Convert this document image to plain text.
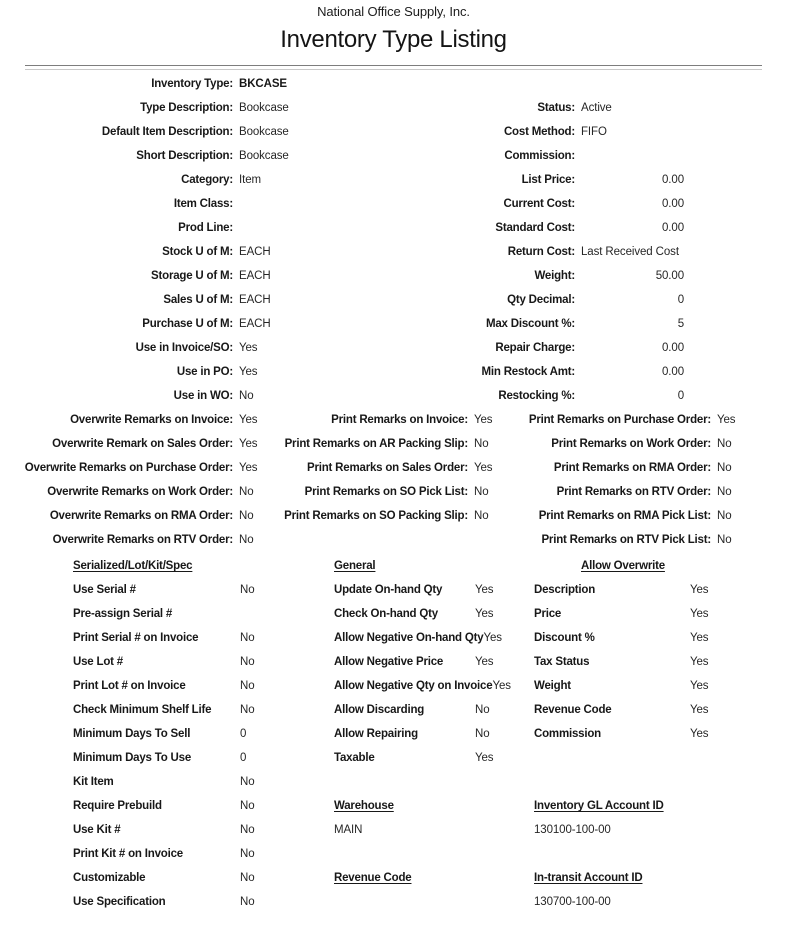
National Office Supply, Inc.
Inventory Type Listing
Inventory Type: BKCASE
Type Description: Bookcase
Default Item Description: Bookcase
Short Description: Bookcase
Category: Item
Item Class:
Prod Line:
Stock U of M: EACH
Storage U of M: EACH
Sales U of M: EACH
Purchase U of M: EACH
Use in Invoice/SO: Yes
Use in PO: Yes
Use in WO: No
Status: Active
Cost Method: FIFO
Commission:
List Price:	0.00
Current Cost:	0.00
Standard Cost:	0.00
Return Cost: Last Received Cost
Weight:	50.00
Qty Decimal:	0
Max Discount %:	5
Repair Charge:	0.00
Min Restock Amt:	0.00
Restocking %:	0
Overwrite Remarks on Invoice: Yes
Overwrite Remark on Sales Order: Yes
Overwrite Remarks on Purchase Order: Yes
Overwrite Remarks on Work Order: No
Overwrite Remarks on RMA Order: No
Overwrite Remarks on RTV Order: No
Print Remarks on Invoice: Yes
Print Remarks on AR Packing Slip: No
Print Remarks on Sales Order: Yes
Print Remarks on SO Pick List: No
Print Remarks on SO Packing Slip: No
Print Remarks on Purchase Order: Yes
Print Remarks on Work Order: No
Print Remarks on RMA Order: No
Print Remarks on RTV Order: No
Print Remarks on RMA Pick List: No
Print Remarks on RTV Pick List: No
Serialized/Lot/Kit/Spec
Use Serial #	No
Pre-assign Serial #
Print Serial # on Invoice	No
Use Lot #	No
Print Lot # on Invoice	No
Check Minimum Shelf Life	No
Minimum Days To Sell	0
Minimum Days To Use	0
Kit Item	No
Require Prebuild	No
Use Kit #	No
Print Kit # on Invoice	No
Customizable	No
Use Specification	No
General
Update On-hand Qty	Yes
Check On-hand Qty	Yes
Allow Negative On-hand Qty Yes
Allow Negative Price	Yes
Allow Negative Qty on Invoice Yes
Allow Discarding	No
Allow Repairing	No
Taxable	Yes
Warehouse
MAIN
Revenue Code
Allow Overwrite
Description	Yes
Price	Yes
Discount %	Yes
Tax Status	Yes
Weight	Yes
Revenue Code	Yes
Commission	Yes
Inventory GL Account ID
130100-100-00
In-transit Account ID
130700-100-00
